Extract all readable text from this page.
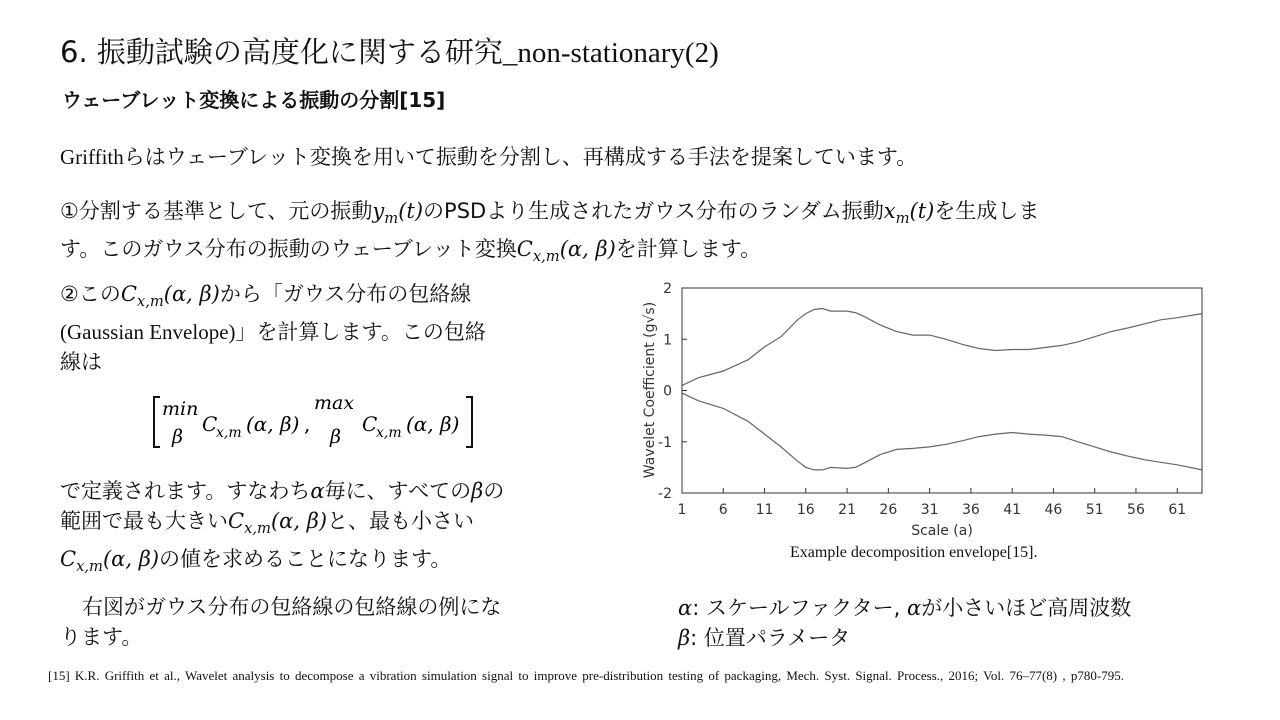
6. 振動試験の高度化に関する研究_non-stationary(2)
ウェーブレット変換による振動の分割[15]
Griffithらはウェーブレット変換を用いて振動を分割し、再構成する手法を提案しています。
①分割する基準として、元の振動$y_m(t)$のPSDより生成されたガウス分布のランダム振動$x_m(t)$を生成しま
す。このガウス分布の振動のウェーブレット変換$C_{x,m}(\alpha$, β)を計算します。
②この$C_{x,m}(\alpha$, β)から「ガウス分布の包絡線
(Gaussian Envelope)」を計算します。この包絡
線は
min
β
C
x,m (α, β) ,
max
β
C
x,m (α, β)
で定義されます。すなわちα毎に、すべてのβの
範囲で最も大きい$C_{x,m}(\alpha$, β)と、最も小さい
$C_{x,m}(\alpha$, β)の値を求めることになります。
右図がガウス分布の包絡線の包絡線の例にな
ります。
2
1
0
-1
-2
1 6 11 16 21 26 31 36 41 46 51 56 61
Scale (a)
Wavelet Coefficient (g√s)
Example decomposition envelope[15].
α: スケールファクター, αが小さいほど高周波数
β: 位置パラメータ
[15] K.R. Griffith et al., Wavelet analysis to decompose a vibration simulation signal to improve pre-distribution testing of packaging, Mech. Syst. Signal. Process., 2016; Vol. 76–77(8) , p780-795.
